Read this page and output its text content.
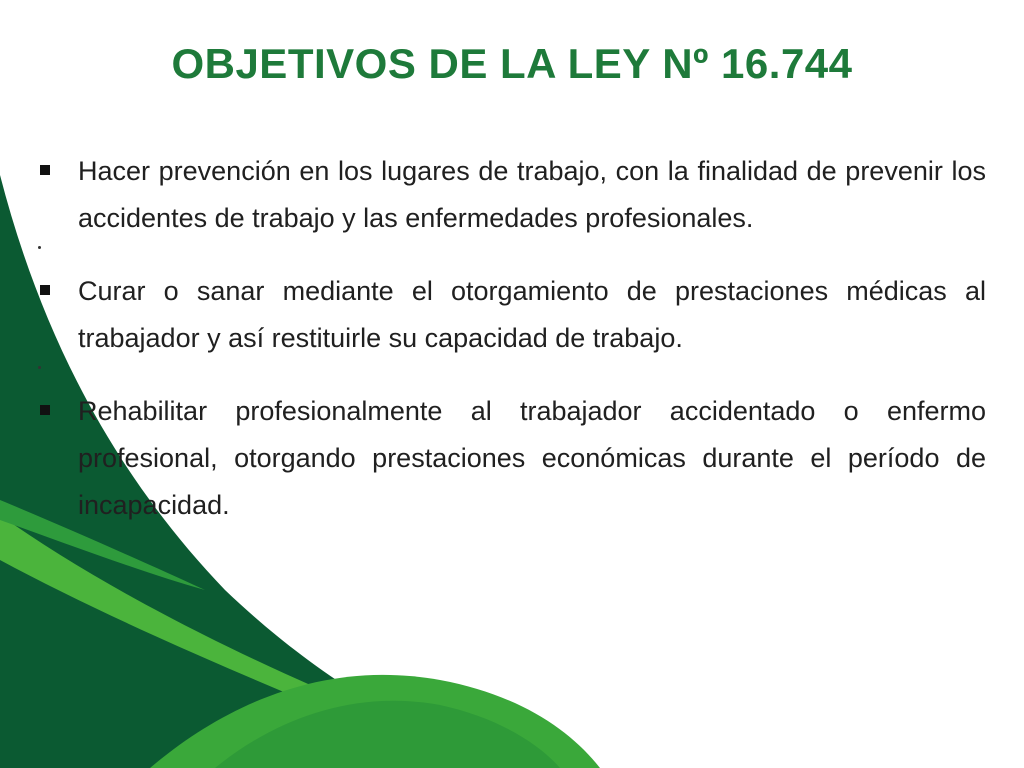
OBJETIVOS DE LA LEY Nº 16.744
Hacer prevención en los lugares de trabajo, con la finalidad de prevenir los accidentes de trabajo y las enfermedades profesionales.
Curar o sanar mediante el otorgamiento de prestaciones médicas al trabajador y así restituirle su capacidad de trabajo.
Rehabilitar profesionalmente al trabajador accidentado o enfermo profesional, otorgando prestaciones económicas durante el período de incapacidad.
